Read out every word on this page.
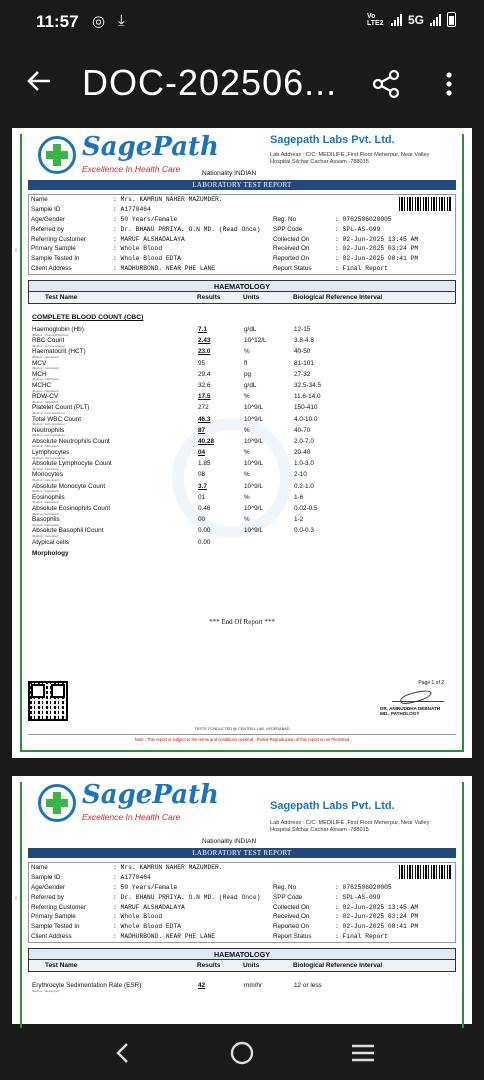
11:57 ◎ ⤓	Vo LTE2 5G
DOC-202506...
SP
SagePath
Excellence In Health Care
Sagepath Labs Pvt. Ltd.
Lab Address : C/C: MEDILIFE ,First Floor Meherpur, Near Valley Hospital,Silchar Cachar Assam -788015
Nationality INDIAN
LABORATORY TEST REPORT
Name	: Mrs. KAMRUN NAHER MAZUMDER.
Sample ID	: A1770464
Age/Gender	: 50 Years/Female	Reg. No	: 0762506020005
Referred by	: Dr. BHANU PRRIYA. O.N MD. (Read Once) SPP Code	: SPL-AS-099
Referring Customer	: MARUF ALSHADALAYA	Collected On	: 02-Jun-2025 13:45 AM
Primary Sample	: Whole Blood	Received On	: 02-Jun-2025 03:24 PM
Sample Tested In	: Whole Blood EDTA	Reported On	: 02-Jun-2025 08:41 PM
Client Address	: MADHURBOND. NEAR PHE LANE	Report Status	: Final Report
HAEMATOLOGY
Test Name	Results	Units	Biological Reference Interval
COMPLETE BLOOD COUNT (CBC)
Haemoglobin (Hb)
(Method : Cyanmeth/Method)
7.1	g/dL	12-15
RBC Count
(Method : Cell Impedance)
2.43	10^12/L	3.8-4.8
Haematocrit (HCT)
(Method : Calculated)
23.0	%	40-50
MCV
(Method : Calculated)
95	fl	81-101
MCH
(Method : Calculated)
29.4	pg	27-32
MCHC
(Method : Calculated)
32.6	g/dL	32.5-34.5
RDW-CV
(Method : Calculated)
17.5	%	11.6-14.0
Platelet Count (PLT)
(Method : Cell Impedance)
272	10^9/L	150-410
Total WBC Count
(Method : Cell Impedance)
46.3	10^9/L	4.0-10.0
Neutrophils
(Method : Cell Impedance)
87	%	40-70
Absolute Neutrophils Count
(Method : Calculated)
40.28	10^9/L	2.0-7.0
Lymphocytes
(Method : Cell Impedance)
04	%	20-40
Absolute Lymphocyte Count
(Method : Calculated)
1.85	10^9/L	1.0-3.0
Monocytes
(Method : Calculated)
08	%	2-10
Absolute Monocyte Count
(Method : Calculated)
3.7	10^9/L	0.2-1.0
Eosinophils
(Method : Calculated)
01	%	1-6
Absolute Eosinophils Count
(Method : Calculated)
0.46	10^9/L	0.02-0.5
Basophils
(Method : Calculated)
00	%	1-2
Absolute Basophil lCount
(Method : Calculated)
0.00	10^9/L	0.0-0.3
Atypical cells	0.00
Morphology
*** End Of Report ***
Page 1 of 2
DR. ANIRUDDHA DEBNATH
MD., PATHOLOGY
TESTS CONDUCTED @ CENTRAL LAB, HYDERABAD
Note : This report is subject to the terms and conditions overleaf . Partial Reproduction of this report is not Permitted
SP
SagePath
Excellence In Health Care
Sagepath Labs Pvt. Ltd.
Lab Address : C/C: MEDILIFE ,First Floor Meherpur, Near Valley Hospital,Silchar Cachar Assam -788015
Nationality INDIAN
LABORATORY TEST REPORT
Name	: Mrs. KAMRUN NAHER MAZUMDER.
Sample ID	: A1770464
Age/Gender	: 50 Years/Female	Reg. No	: 0762506020005
Referred by	: Dr. BHANU PRRIYA. O.N MD. (Read Once) SPP Code	: SPL-AS-099
Referring Customer	: MARUF ALSHADALAYA	Collected On	: 02-Jun-2025 13:45 AM
Primary Sample	: Whole Blood	Received On	: 02-Jun-2025 03:24 PM
Sample Tested In	: Whole Blood EDTA	Reported On	: 02-Jun-2025 08:41 PM
Client Address	: MADHURBOND. NEAR PHE LANE	Report Status	: Final Report
HAEMATOLOGY
Test Name	Results	Units	Biological Reference Interval
Erythrocyte Sedimentation Rate (ESR)
(Method : Westergren)
42	mm/hr	12 or less
